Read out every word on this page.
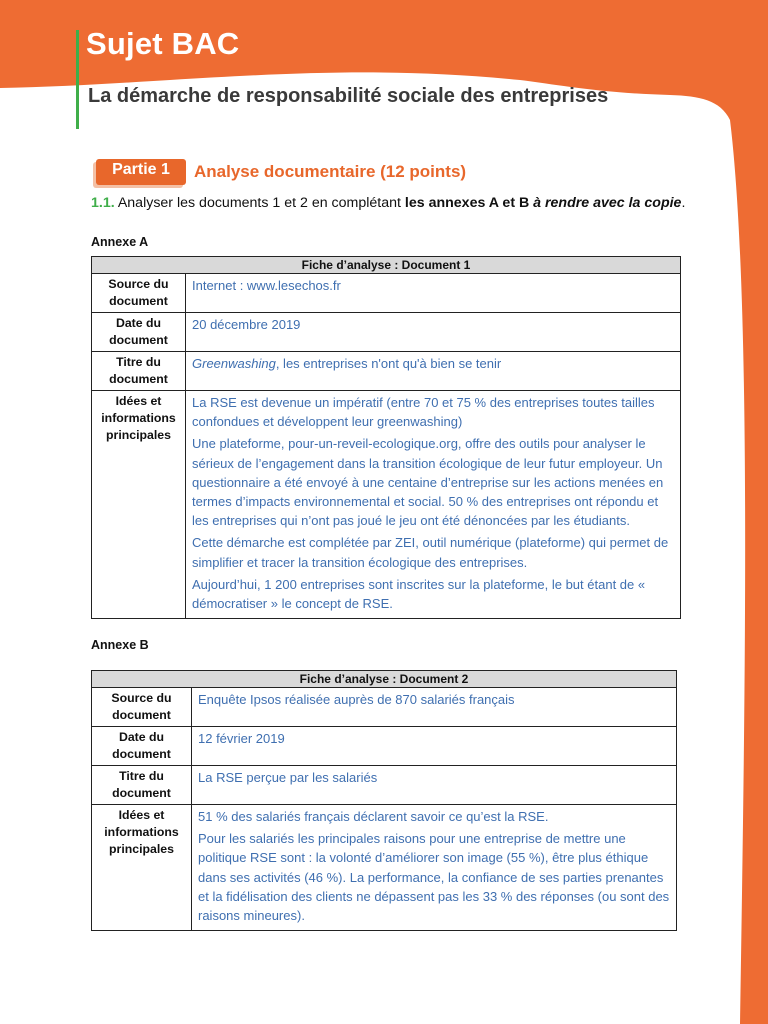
Sujet BAC
La démarche de responsabilité sociale des entreprises
Partie 1	Analyse documentaire (12 points)
1.1. Analyser les documents 1 et 2 en complétant les annexes A et B à rendre avec la copie.
Annexe A
Fiche d’analyse : Document 1	
Source du document	Internet : www.lesechos.fr
Date du document	20 décembre 2019
Titre du document	Greenwashing, les entreprises n'ont qu'à bien se tenir
Idées et informations principales	La RSE est devenue un impératif (entre 70 et 75 % des entreprises toutes tailles confondues et développent leur greenwashing)

Une plateforme, pour-un-reveil-ecologique.org, offre des outils pour analyser le sérieux de l’engagement dans la transition écologique de leur futur employeur. Un questionnaire a été envoyé à une centaine d’entreprise sur les actions menées en termes d’impacts environnemental et social. 50 % des entreprises ont répondu et les entreprises qui n’ont pas joué le jeu ont été dénoncées par les étudiants.

Cette démarche est complétée par ZEI, outil numérique (plateforme) qui permet de simplifier et tracer la transition écologique des entreprises.

Aujourd’hui, 1 200 entreprises sont inscrites sur la plateforme, le but étant de « démocratiser » le concept de RSE.

Annexe B
Fiche d’analyse : Document 2	
Source du document	Enquête Ipsos réalisée auprès de 870 salariés français
Date du document	12 février 2019
Titre du document	La RSE perçue par les salariés
Idées et informations principales	51 % des salariés français déclarent savoir ce qu’est la RSE.

Pour les salariés les principales raisons pour une entreprise de mettre une politique RSE sont : la volonté d’améliorer son image (55 %), être plus éthique dans ses activités (46 %). La performance, la confiance de ses parties prenantes et la fidélisation des clients ne dépassent pas les 33 % des réponses (ou sont des raisons mineures).
